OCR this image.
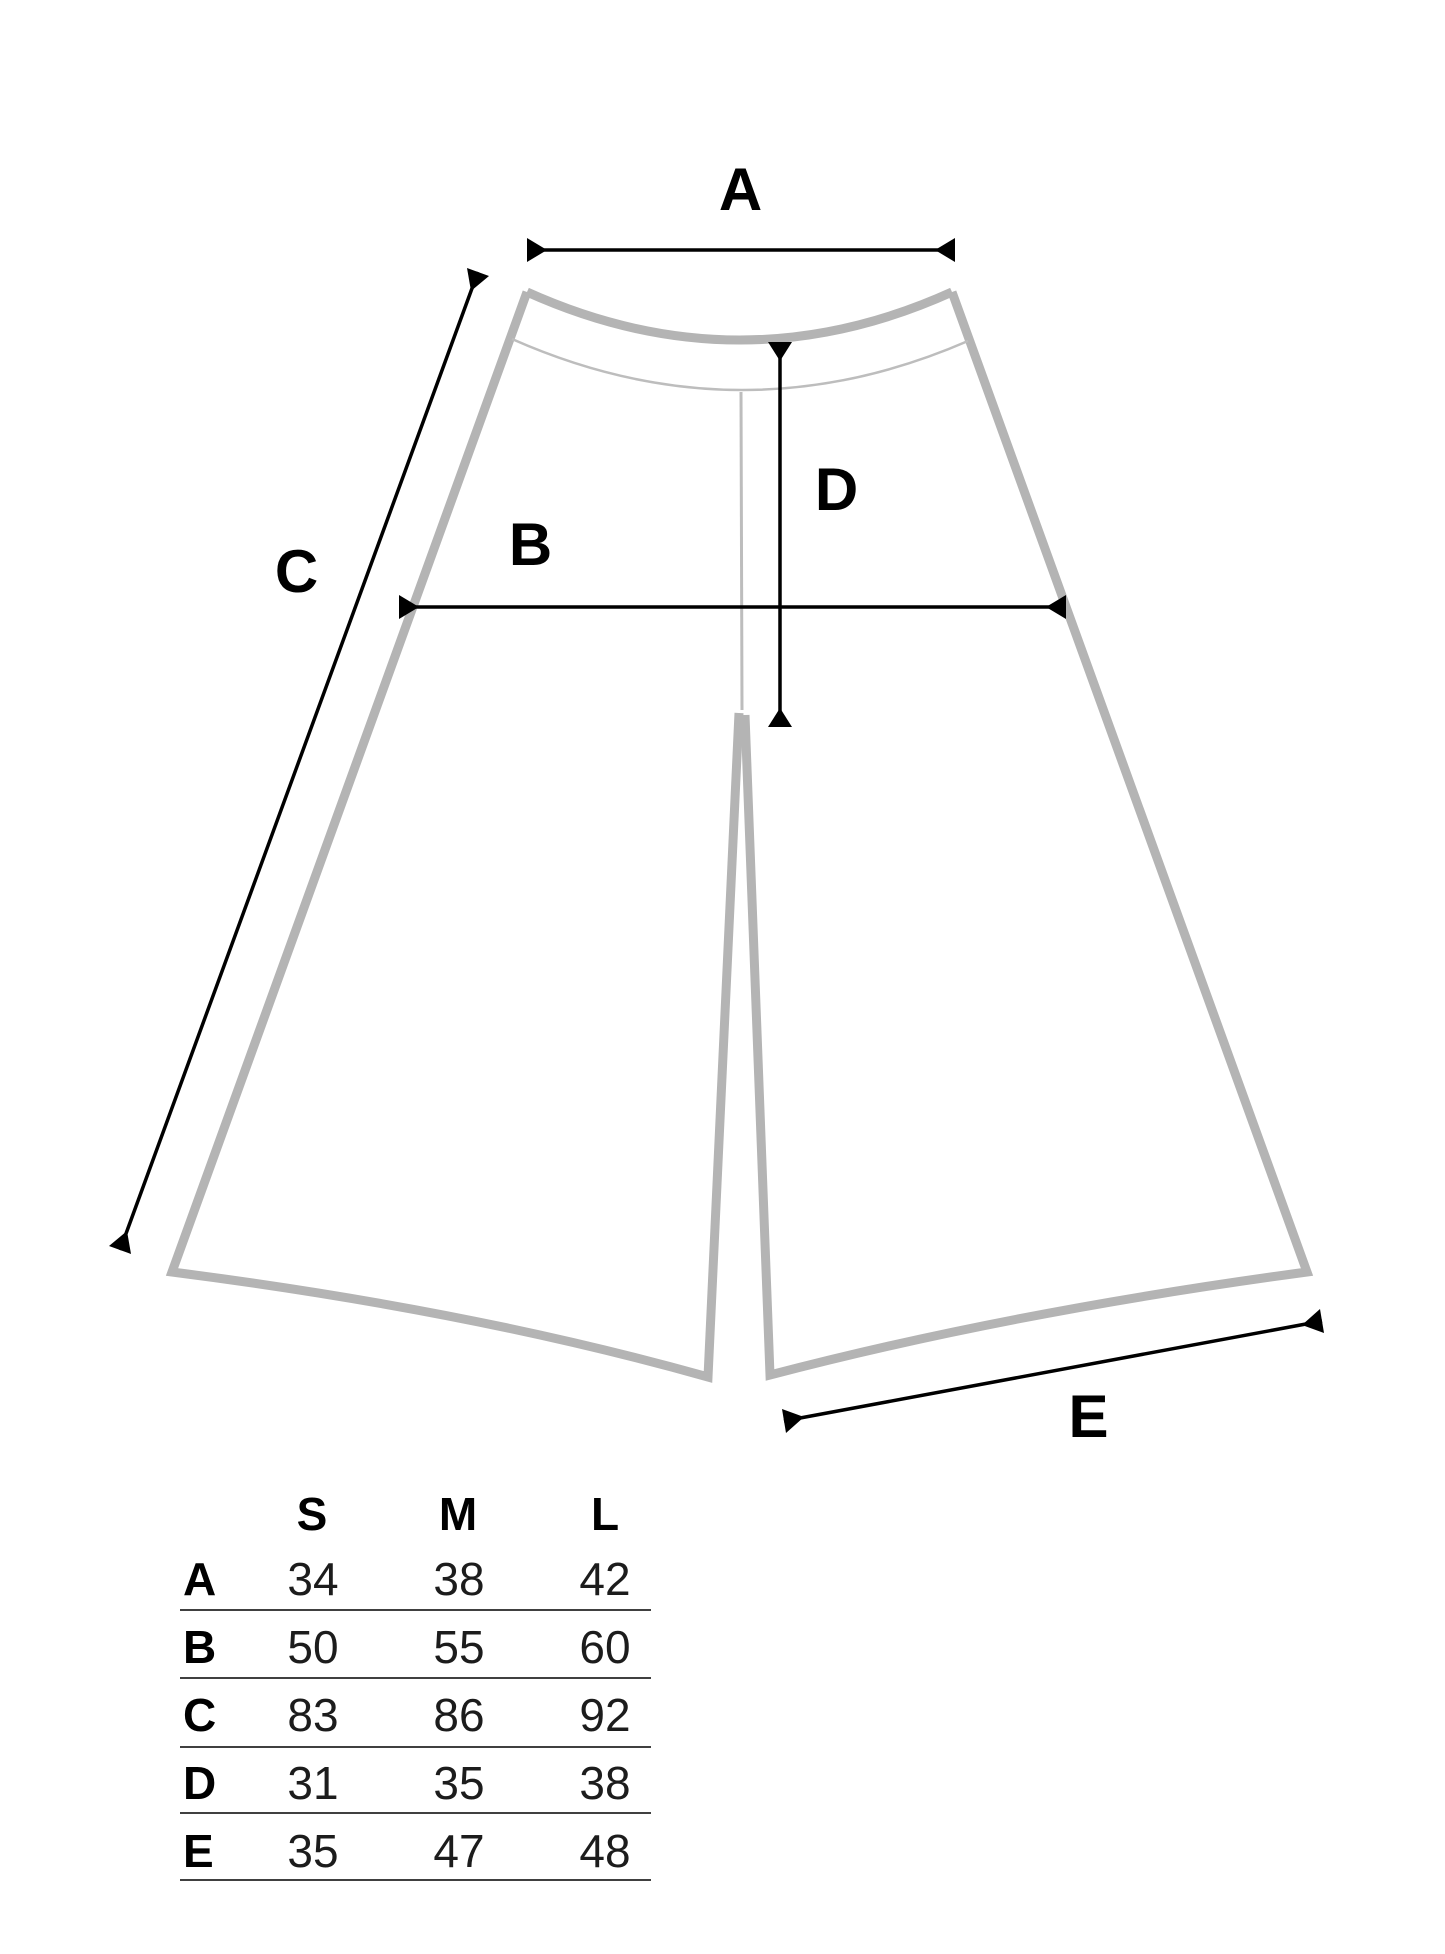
A
B
C
D
E
S M L
A 34 38 42
B 50 55 60
C 83 86 92
D 31 35 38
E 35 47 48
